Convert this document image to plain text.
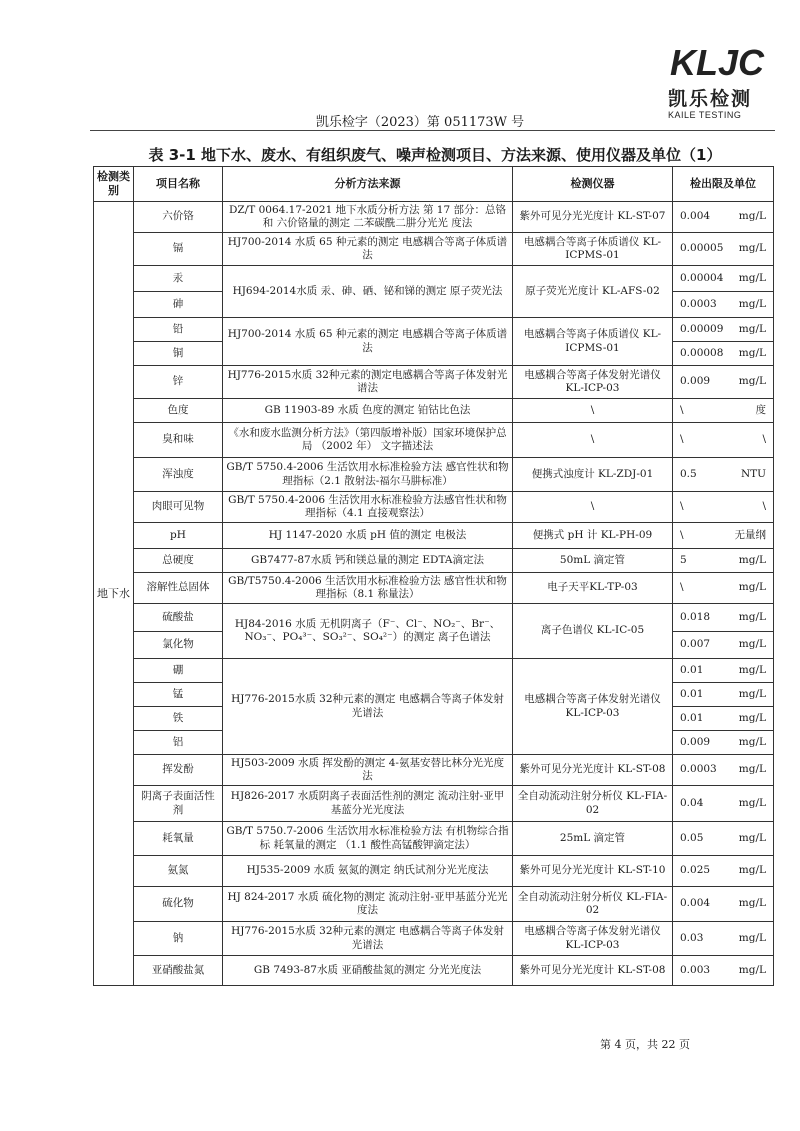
KLJC
凯乐检测
KAILE TESTING
凯乐检字（2023）第 051173W 号
表 3-1 地下水、废水、有组织废气、噪声检测项目、方法来源、使用仪器及单位（1）
检测类别	项目名称	分析方法来源	检测仪器	检出限及单位
地下水	六价铬	DZ/T 0064.17-2021 地下水质分析方法 第 17 部分：总铬和 六价铬量的测定 二苯碳酰二肼分光光 度法	紫外可见分光光度计 KL-ST-07	0.004 mg/L

	镉	HJ700-2014 水质 65 种元素的测定 电感耦合等离子体质谱法	电感耦合等离子体质谱仪 KL-ICPMS-01	0.00005 mg/L

	汞	HJ694-2014水质 汞、砷、硒、铋和锑的测定 原子荧光法	原子荧光光度计 KL-AFS-02	0.00004 mg/L

	砷			0.0003 mg/L

	铅	HJ700-2014 水质 65 种元素的测定 电感耦合等离子体质谱法	电感耦合等离子体质谱仪 KL-ICPMS-01	0.00009 mg/L

	铜			0.00008 mg/L

	锌	HJ776-2015水质 32种元素的测定电感耦合等离子体发射光谱法	电感耦合等离子体发射光谱仪 KL-ICP-03	0.009 mg/L

	色度	GB 11903-89 水质 色度的测定 铂钴比色法	\	\ 度

	臭和味	《水和废水监测分析方法》（第四版增补版）国家环境保护总局 （2002 年） 文字描述法	\	\ \

	浑浊度	GB/T 5750.4-2006 生活饮用水标准检验方法 感官性状和物理指标（2.1 散射法-福尔马肼标准）	便携式浊度计 KL-ZDJ-01	0.5 NTU

	肉眼可见物	GB/T 5750.4-2006 生活饮用水标准检验方法感官性状和物理指标（4.1 直接观察法）	\	\ \

	pH	HJ 1147-2020 水质 pH 值的测定 电极法	便携式 pH 计 KL-PH-09	\ 无量纲

	总硬度	GB7477-87水质 钙和镁总量的测定 EDTA滴定法	50mL 滴定管	5 mg/L

	溶解性总固体	GB/T5750.4-2006 生活饮用水标准检验方法 感官性状和物理指标（8.1 称量法）	电子天平KL-TP-03	\ mg/L

	硫酸盐	HJ84-2016 水质 无机阴离子（F⁻、Cl⁻、NO₂⁻、Br⁻、NO₃⁻、PO₄³⁻、SO₃²⁻、SO₄²⁻）的测定 离子色谱法	离子色谱仪 KL-IC-05	0.018 mg/L

	氯化物			0.007 mg/L

	硼	HJ776-2015水质 32种元素的测定 电感耦合等离子体发射光谱法	电感耦合等离子体发射光谱仪 KL-ICP-03	0.01 mg/L

	锰			0.01 mg/L

	铁			0.01 mg/L

	铝			0.009 mg/L

	挥发酚	HJ503-2009 水质 挥发酚的测定 4-氨基安替比林分光光度法	紫外可见分光光度计 KL-ST-08	0.0003 mg/L

	阴离子表面活性剂	HJ826-2017 水质阴离子表面活性剂的测定 流动注射-亚甲基蓝分光光度法	全自动流动注射分析仪 KL-FIA-02	0.04 mg/L

	耗氧量	GB/T 5750.7-2006 生活饮用水标准检验方法 有机物综合指标 耗氧量的测定 （1.1 酸性高锰酸钾滴定法）	25mL 滴定管	0.05 mg/L

	氨氮	HJ535-2009 水质 氨氮的测定 纳氏试剂分光光度法	紫外可见分光光度计 KL-ST-10	0.025 mg/L

	硫化物	HJ 824-2017 水质 硫化物的测定 流动注射-亚甲基蓝分光光度法	全自动流动注射分析仪 KL-FIA-02	0.004 mg/L

	钠	HJ776-2015水质 32种元素的测定 电感耦合等离子体发射光谱法	电感耦合等离子体发射光谱仪 KL-ICP-03	0.03 mg/L

	亚硝酸盐氮	GB 7493-87水质 亚硝酸盐氮的测定 分光光度法	紫外可见分光光度计 KL-ST-08	0.003 mg/L
第 4 页，共 22 页
